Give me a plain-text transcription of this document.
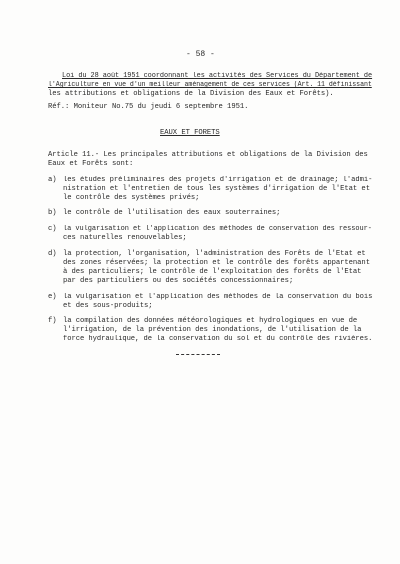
- 58 -
Loi du 28 août 1951 coordonnant les activités des Services du Département de
l'Agriculture en vue d'un meilleur aménagement de ces services (Art. 11 définissant
les attributions et obligations de la Division des Eaux et Forêts).
Réf.: Moniteur No.75 du jeudi 6 septembre 1951.
EAUX ET FORETS
Article 11.- Les principales attributions et obligations de la Division des
Eaux et Forêts sont:
a) les études préliminaires des projets d'irrigation et de drainage; l'admi-
nistration et l'entretien de tous les systèmes d'irrigation de l'Etat et
le contrôle des systèmes privés;
b) le contrôle de l'utilisation des eaux souterraines;
c) la vulgarisation et l'application des méthodes de conservation des ressour-
ces naturelles renouvelables;
d) la protection, l'organisation, l'administration des Forêts de l'Etat et
des zones réservées; la protection et le contrôle des forêts appartenant
à des particuliers; le contrôle de l'exploitation des forêts de l'Etat
par des particuliers ou des sociétés concessionnaires;
e) la vulgarisation et l'application des méthodes de la conservation du bois
et des sous-produits;
f) la compilation des données météorologiques et hydrologiques en vue de
l'irrigation, de la prévention des inondations, de l'utilisation de la
force hydraulique, de la conservation du sol et du contrôle des rivières.
